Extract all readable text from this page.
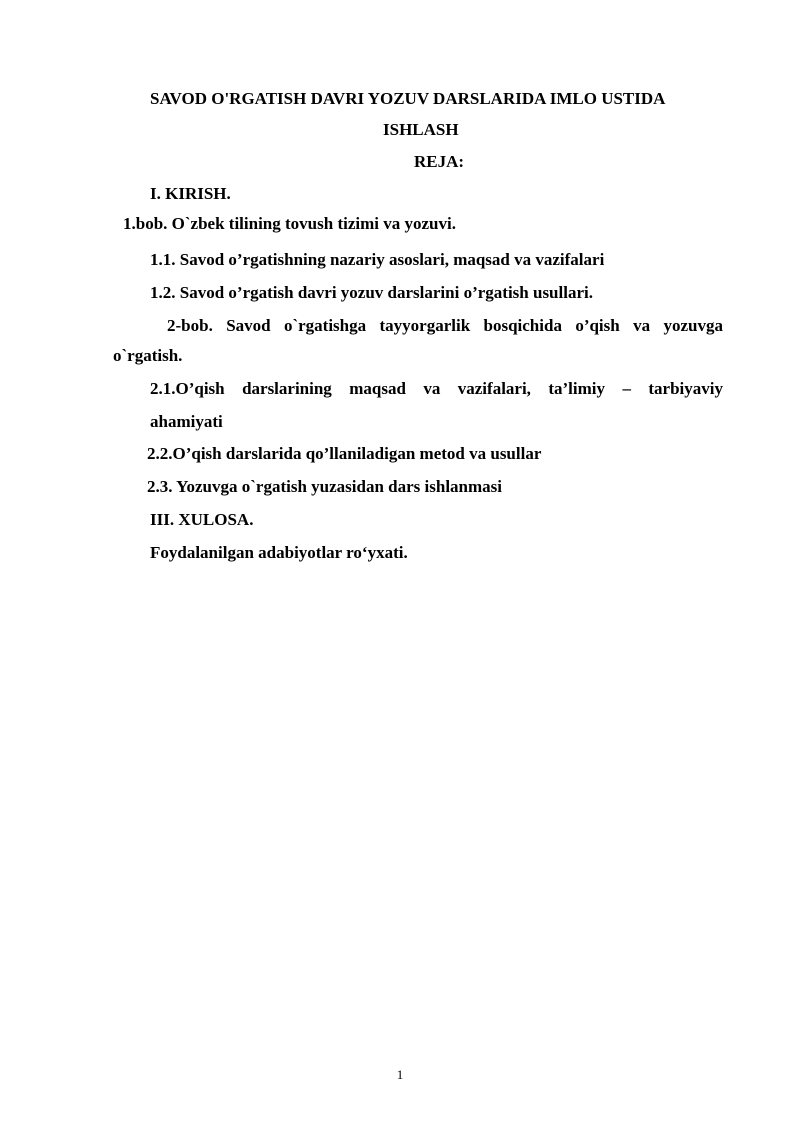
SAVOD O'RGATISH DAVRI YOZUV DARSLARIDA IMLO USTIDA
ISHLASH
REJA:
I. KIRISH.
1.bob. O`zbek tilining tovush tizimi va yozuvi.
1.1. Savod o’rgatishning nazariy asoslari, maqsad va vazifalari
1.2. Savod o’rgatish davri yozuv darslarini o’rgatish usullari.
2-bob. Savod o`rgatishga tayyorgarlik bosqichida o’qish va yozuvga
o`rgatish.
2.1.O’qish darslarining maqsad va vazifalari, ta’limiy – tarbiyaviy
ahamiyati
2.2.O’qish darslarida qo’llaniladigan metod va usullar
2.3. Yozuvga o`rgatish yuzasidan dars ishlanmasi
III. XULOSA.
Foydalanilgan adabiyotlar ro‘yxati.
1
